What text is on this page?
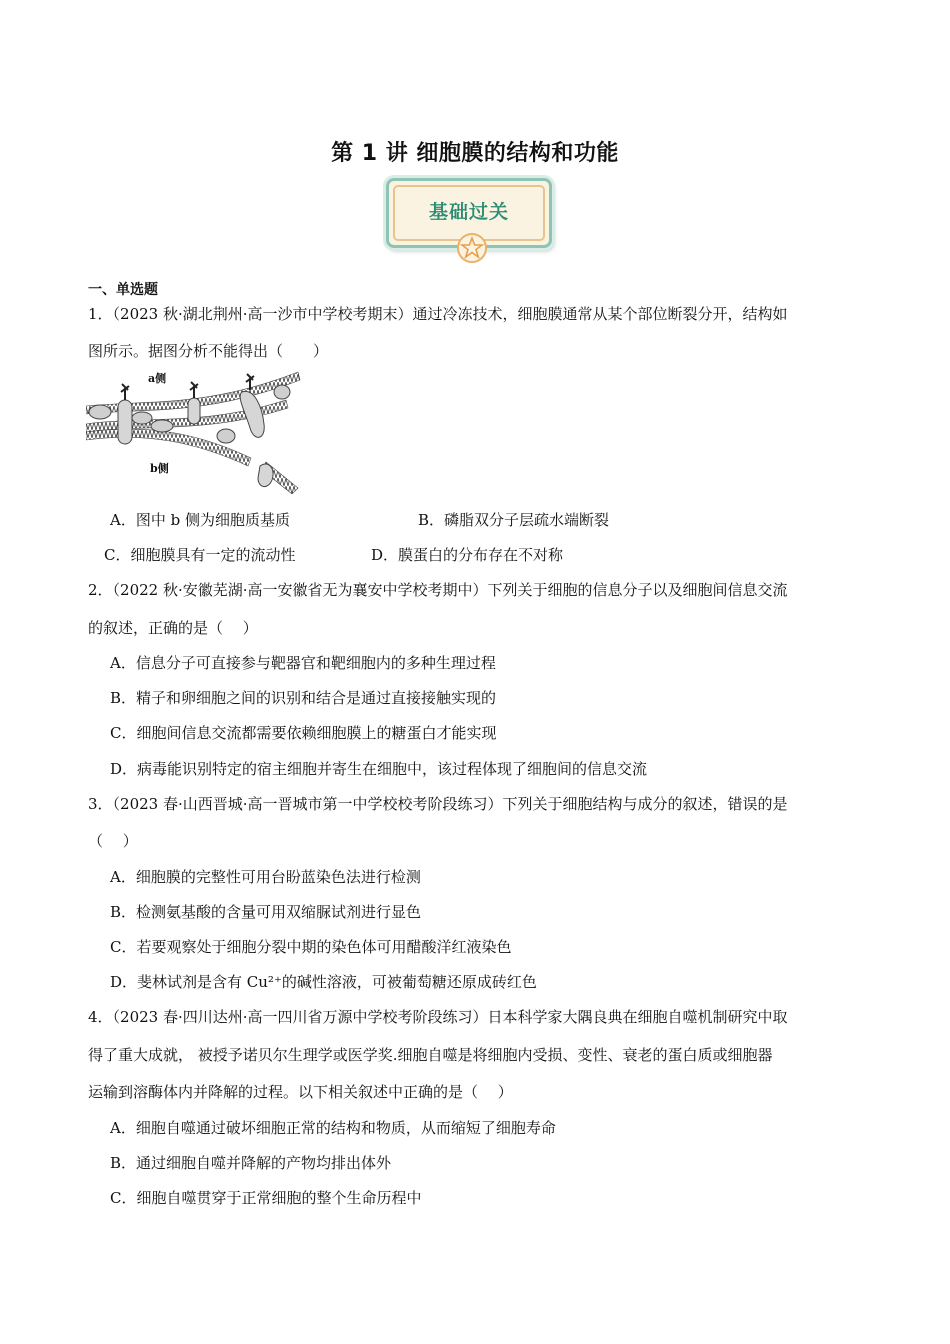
第 1 讲 细胞膜的结构和功能
基础过关
一、单选题
1．（2023 秋·湖北荆州·高一沙市中学校考期末）通过冷冻技术，细胞膜通常从某个部位断裂分开，结构如
图所示。据图分析不能得出（　　）
a侧
b侧
A．图中 b 侧为细胞质基质	B．磷脂双分子层疏水端断裂
C．细胞膜具有一定的流动性	D．膜蛋白的分布存在不对称
2．（2022 秋·安徽芜湖·高一安徽省无为襄安中学校考期中）下列关于细胞的信息分子以及细胞间信息交流
的叙述，正确的是（　 ）
A．信息分子可直接参与靶器官和靶细胞内的多种生理过程
B．精子和卵细胞之间的识别和结合是通过直接接触实现的
C．细胞间信息交流都需要依赖细胞膜上的糖蛋白才能实现
D．病毒能识别特定的宿主细胞并寄生在细胞中，该过程体现了细胞间的信息交流
3．（2023 春·山西晋城·高一晋城市第一中学校校考阶段练习）下列关于细胞结构与成分的叙述，错误的是
（　 ）
A．细胞膜的完整性可用台盼蓝染色法进行检测
B．检测氨基酸的含量可用双缩脲试剂进行显色
C．若要观察处于细胞分裂中期的染色体可用醋酸洋红液染色
D．斐林试剂是含有 Cu²⁺的碱性溶液，可被葡萄糖还原成砖红色
4．（2023 春·四川达州·高一四川省万源中学校考阶段练习）日本科学家大隅良典在细胞自噬机制研究中取
得了重大成就， 被授予诺贝尔生理学或医学奖.细胞自噬是将细胞内受损、变性、衰老的蛋白质或细胞器
运输到溶酶体内并降解的过程。以下相关叙述中正确的是（　 ）
A．细胞自噬通过破坏细胞正常的结构和物质，从而缩短了细胞寿命
B．通过细胞自噬并降解的产物均排出体外
C．细胞自噬贯穿于正常细胞的整个生命历程中
